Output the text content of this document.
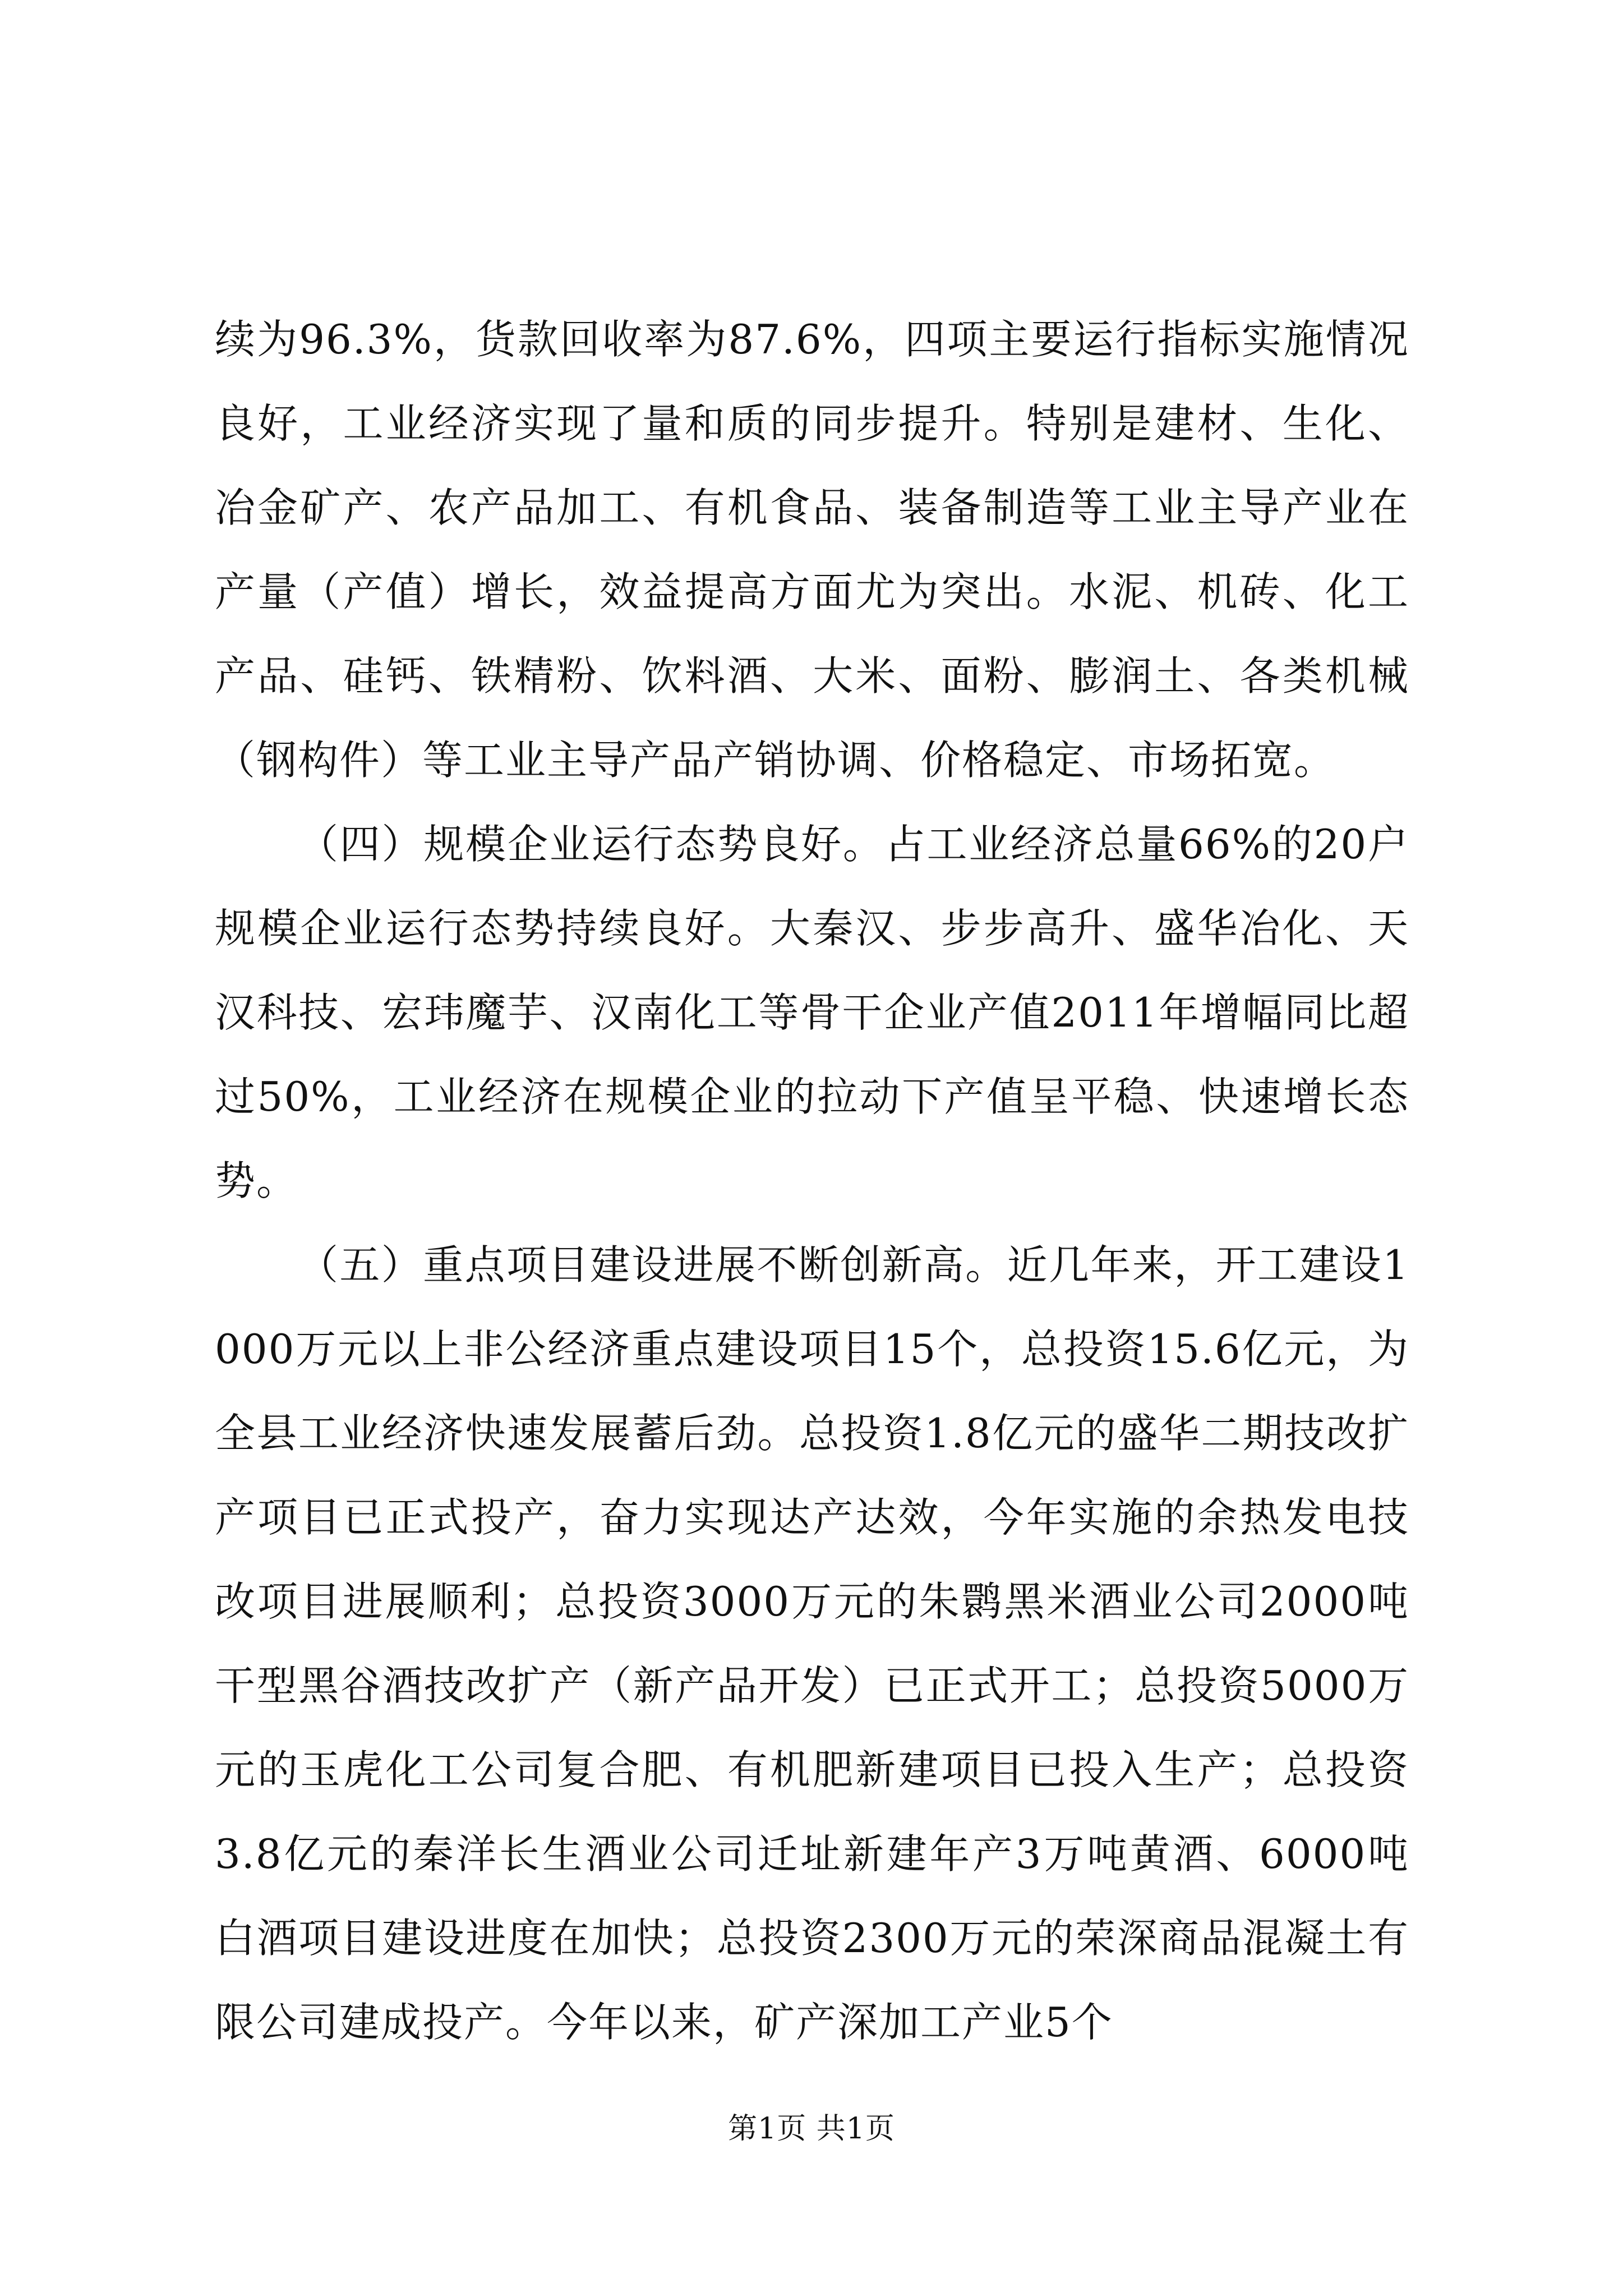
续为96.3%，货款回收率为87.6%，四项主要运行指标实施情况良好，工业经济实现了量和质的同步提升。特别是建材、生化、冶金矿产、农产品加工、有机食品、装备制造等工业主导产业在产量（产值）增长，效益提高方面尤为突出。水泥、机砖、化工产品、硅钙、铁精粉、饮料酒、大米、面粉、膨润土、各类机械（钢构件）等工业主导产品产销协调、价格稳定、市场拓宽。

（四）规模企业运行态势良好。占工业经济总量66%的20户规模企业运行态势持续良好。大秦汉、步步高升、盛华冶化、天汉科技、宏玮魔芋、汉南化工等骨干企业产值2011年增幅同比超过50%，工业经济在规模企业的拉动下产值呈平稳、快速增长态势。

（五）重点项目建设进展不断创新高。近几年来，开工建设1000万元以上非公经济重点建设项目15个，总投资15.6亿元，为全县工业经济快速发展蓄后劲。总投资1.8亿元的盛华二期技改扩产项目已正式投产，奋力实现达产达效，今年实施的余热发电技改项目进展顺利；总投资3000万元的朱鹮黑米酒业公司2000吨干型黑谷酒技改扩产（新产品开发）已正式开工；总投资5000万元的玉虎化工公司复合肥、有机肥新建项目已投入生产；总投资3.8亿元的秦洋长生酒业公司迁址新建年产3万吨黄酒、6000吨白酒项目建设进度在加快；总投资2300万元的荣深商品混凝土有限公司建成投产。今年以来，矿产深加工产业5个

第1页 共1页
